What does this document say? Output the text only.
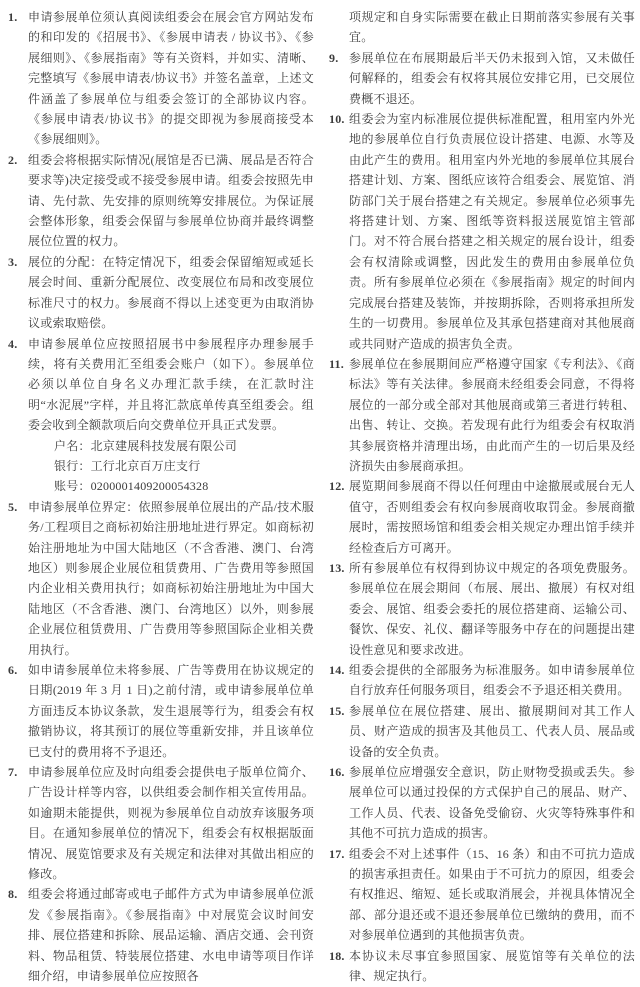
1. 申请参展单位须认真阅读组委会在展会官方网站发布的和印发的《招展书》、《参展申请表 / 协议书》、《参展细则》、《参展指南》等有关资料，并如实、清晰、完整填写《参展申请表/协议书》并签名盖章，上述文件涵盖了参展单位与组委会签订的全部协议内容。《参展申请表/协议书》的提交即视为参展商接受本《参展细则》。
2. 组委会将根据实际情况(展馆是否已满、展品是否符合要求等)决定接受或不接受参展申请。组委会按照先申请、先付款、先安排的原则统筹安排展位。为保证展会整体形象，组委会保留与参展单位协商并最终调整展位位置的权力。
3. 展位的分配：在特定情况下，组委会保留缩短或延长展会时间、重新分配展位、改变展位布局和改变展位标准尺寸的权力。参展商不得以上述变更为由取消协议或索取赔偿。
4. 申请参展单位应按照招展书中参展程序办理参展手续，将有关费用汇至组委会账户（如下）。参展单位必须以单位自身名义办理汇款手续，在汇款时注明“水泥展”字样，并且将汇款底单传真至组委会。组委会收到全额款项后向交费单位开具正式发票。
户名：北京建展科技发展有限公司
银行：工行北京百万庄支行
账号：0200001409200054328
5. 申请参展单位界定：依照参展单位展出的产品/技术服务/工程项目之商标初始注册地址进行界定。如商标初始注册地址为中国大陆地区（不含香港、澳门、台湾地区）则参展企业展位租赁费用、广告费用等参照国内企业相关费用执行；如商标初始注册地址为中国大陆地区（不含香港、澳门、台湾地区）以外，则参展企业展位租赁费用、广告费用等参照国际企业相关费用执行。
6. 如申请参展单位未将参展、广告等费用在协议规定的日期(2019 年 3 月 1 日)之前付清，或申请参展单位单方面违反本协议条款，发生退展等行为，组委会有权撤销协议，将其预订的展位等重新安排，并且该单位已支付的费用将不予退还。
7. 申请参展单位应及时向组委会提供电子版单位简介、广告设计样等内容，以供组委会制作相关宣传用品。如逾期未能提供，则视为参展单位自动放弃该服务项目。在通知参展单位的情况下，组委会有权根据版面情况、展览馆要求及有关规定和法律对其做出相应的修改。
8. 组委会将通过邮寄或电子邮件方式为申请参展单位派发《参展指南》。《参展指南》中对展览会议时间安排、展位搭建和拆除、展品运输、酒店交通、会刊资料、物品租赁、特装展位搭建、水电申请等项目作详细介绍，申请参展单位应按照各
项规定和自身实际需要在截止日期前落实参展有关事宜。
9. 参展单位在布展期最后半天仍未报到入馆，又未做任何解释的，组委会有权将其展位安排它用，已交展位费概不退还。
10. 组委会为室内标准展位提供标准配置，租用室内外光地的参展单位自行负责展位设计搭建、电源、水等及由此产生的费用。租用室内外光地的参展单位其展台搭建计划、方案、图纸应该符合组委会、展览馆、消防部门关于展台搭建之有关规定。参展单位必须事先将搭建计划、方案、图纸等资料报送展览馆主管部门。对不符合展台搭建之相关规定的展台设计，组委会有权清除或调整，因此发生的费用由参展单位负责。所有参展单位必须在《参展指南》规定的时间内完成展台搭建及装饰，并按期拆除，否则将承担所发生的一切费用。参展单位及其承包搭建商对其他展商或共同财产造成的损害负全责。
11. 参展单位在参展期间应严格遵守国家《专利法》、《商标法》等有关法律。参展商未经组委会同意，不得将展位的一部分或全部对其他展商或第三者进行转租、出售、转让、交换。若发现有此行为组委会有权取消其参展资格并清理出场，由此而产生的一切后果及经济损失由参展商承担。
12. 展览期间参展商不得以任何理由中途撤展或展台无人值守，否则组委会有权向参展商收取罚金。参展商撤展时，需按照场馆和组委会相关规定办理出馆手续并经检查后方可离开。
13. 所有参展单位有权得到协议中规定的各项免费服务。参展单位在展会期间（布展、展出、撤展）有权对组委会、展馆、组委会委托的展位搭建商、运输公司、餐饮、保安、礼仪、翻译等服务中存在的问题提出建设性意见和要求改进。
14. 组委会提供的全部服务为标准服务。如申请参展单位自行放弃任何服务项目，组委会不予退还相关费用。
15. 参展单位在展位搭建、展出、撤展期间对其工作人员、财产造成的损害及其他员工、代表人员、展品或设备的安全负责。
16. 参展单位应增强安全意识，防止财物受损或丢失。参展单位可以通过投保的方式保护自己的展品、财产、工作人员、代表、设备免受偷窃、火灾等特殊事件和其他不可抗力造成的损害。
17. 组委会不对上述事件（15、16 条）和由不可抗力造成的损害承担责任。如果由于不可抗力的原因，组委会有权推迟、缩短、延长或取消展会，并视具体情况全部、部分退还或不退还参展单位已缴纳的费用，而不对参展单位遇到的其他损害负责。
18. 本协议未尽事宜参照国家、展览馆等有关单位的法律、规定执行。
